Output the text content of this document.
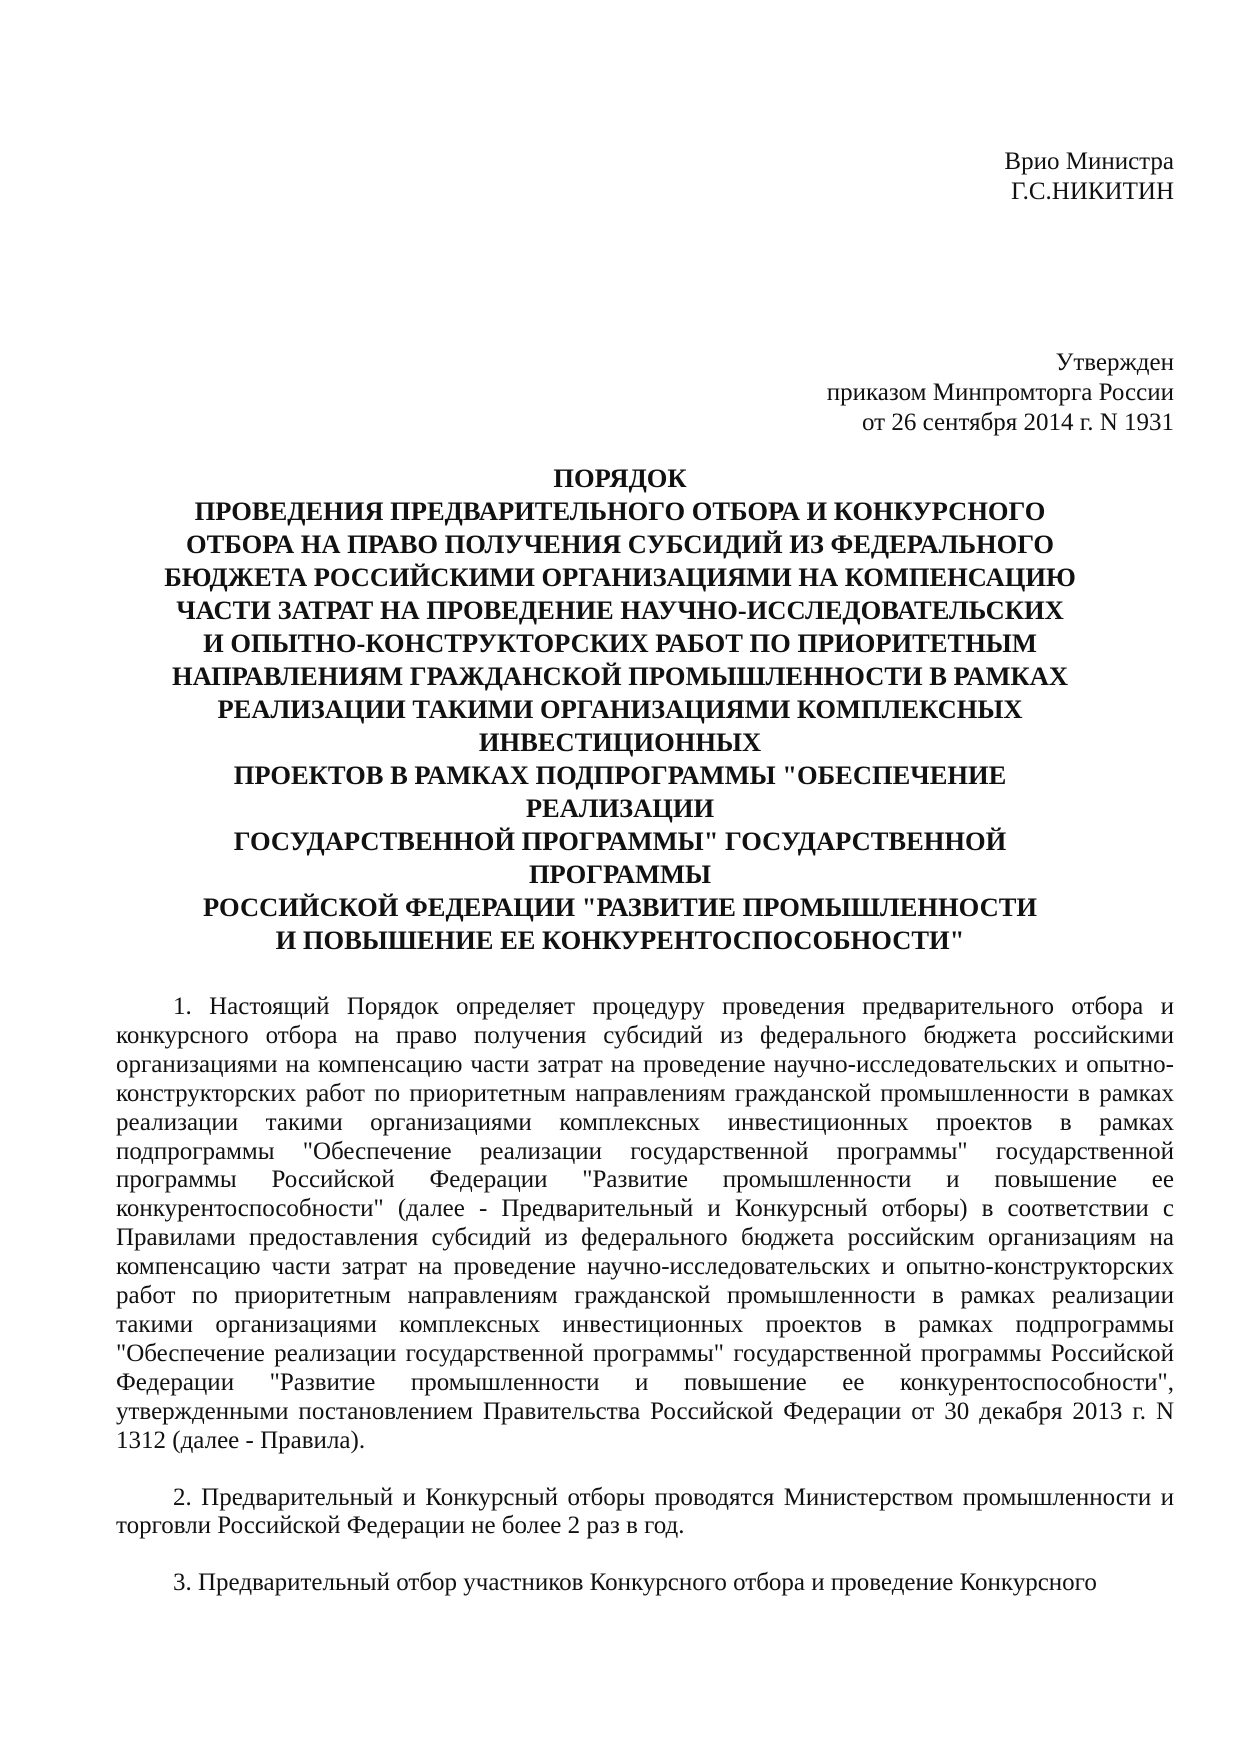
Врио Министра
Г.С.НИКИТИН
Утвержден
приказом Минпромторга России
от 26 сентября 2014 г. N 1931
ПОРЯДОК
ПРОВЕДЕНИЯ ПРЕДВАРИТЕЛЬНОГО ОТБОРА И КОНКУРСНОГО
ОТБОРА НА ПРАВО ПОЛУЧЕНИЯ СУБСИДИЙ ИЗ ФЕДЕРАЛЬНОГО
БЮДЖЕТА РОССИЙСКИМИ ОРГАНИЗАЦИЯМИ НА КОМПЕНСАЦИЮ
ЧАСТИ ЗАТРАТ НА ПРОВЕДЕНИЕ НАУЧНО-ИССЛЕДОВАТЕЛЬСКИХ
И ОПЫТНО-КОНСТРУКТОРСКИХ РАБОТ ПО ПРИОРИТЕТНЫМ
НАПРАВЛЕНИЯМ ГРАЖДАНСКОЙ ПРОМЫШЛЕННОСТИ В РАМКАХ
РЕАЛИЗАЦИИ ТАКИМИ ОРГАНИЗАЦИЯМИ КОМПЛЕКСНЫХ
ИНВЕСТИЦИОННЫХ
ПРОЕКТОВ В РАМКАХ ПОДПРОГРАММЫ "ОБЕСПЕЧЕНИЕ
РЕАЛИЗАЦИИ
ГОСУДАРСТВЕННОЙ ПРОГРАММЫ" ГОСУДАРСТВЕННОЙ
ПРОГРАММЫ
РОССИЙСКОЙ ФЕДЕРАЦИИ "РАЗВИТИЕ ПРОМЫШЛЕННОСТИ
И ПОВЫШЕНИЕ ЕЕ КОНКУРЕНТОСПОСОБНОСТИ"

1. Настоящий Порядок определяет процедуру проведения предварительного отбора и конкурсного отбора на право получения субсидий из федерального бюджета российскими организациями на компенсацию части затрат на проведение научно-исследовательских и опытно-конструкторских работ по приоритетным направлениям гражданской промышленности в рамках реализации такими организациями комплексных инвестиционных проектов в рамках подпрограммы "Обеспечение реализации государственной программы" государственной программы Российской Федерации "Развитие промышленности и повышение ее конкурентоспособности" (далее - Предварительный и Конкурсный отборы) в соответствии с Правилами предоставления субсидий из федерального бюджета российским организациям на компенсацию части затрат на проведение научно-исследовательских и опытно-конструкторских работ по приоритетным направлениям гражданской промышленности в рамках реализации такими организациями комплексных инвестиционных проектов в рамках подпрограммы "Обеспечение реализации государственной программы" государственной программы Российской Федерации "Развитие промышленности и повышение ее конкурентоспособности", утвержденными постановлением Правительства Российской Федерации от 30 декабря 2013 г. N 1312 (далее - Правила).

2. Предварительный и Конкурсный отборы проводятся Министерством промышленности и торговли Российской Федерации не более 2 раз в год.

3. Предварительный отбор участников Конкурсного отбора и проведение Конкурсного
